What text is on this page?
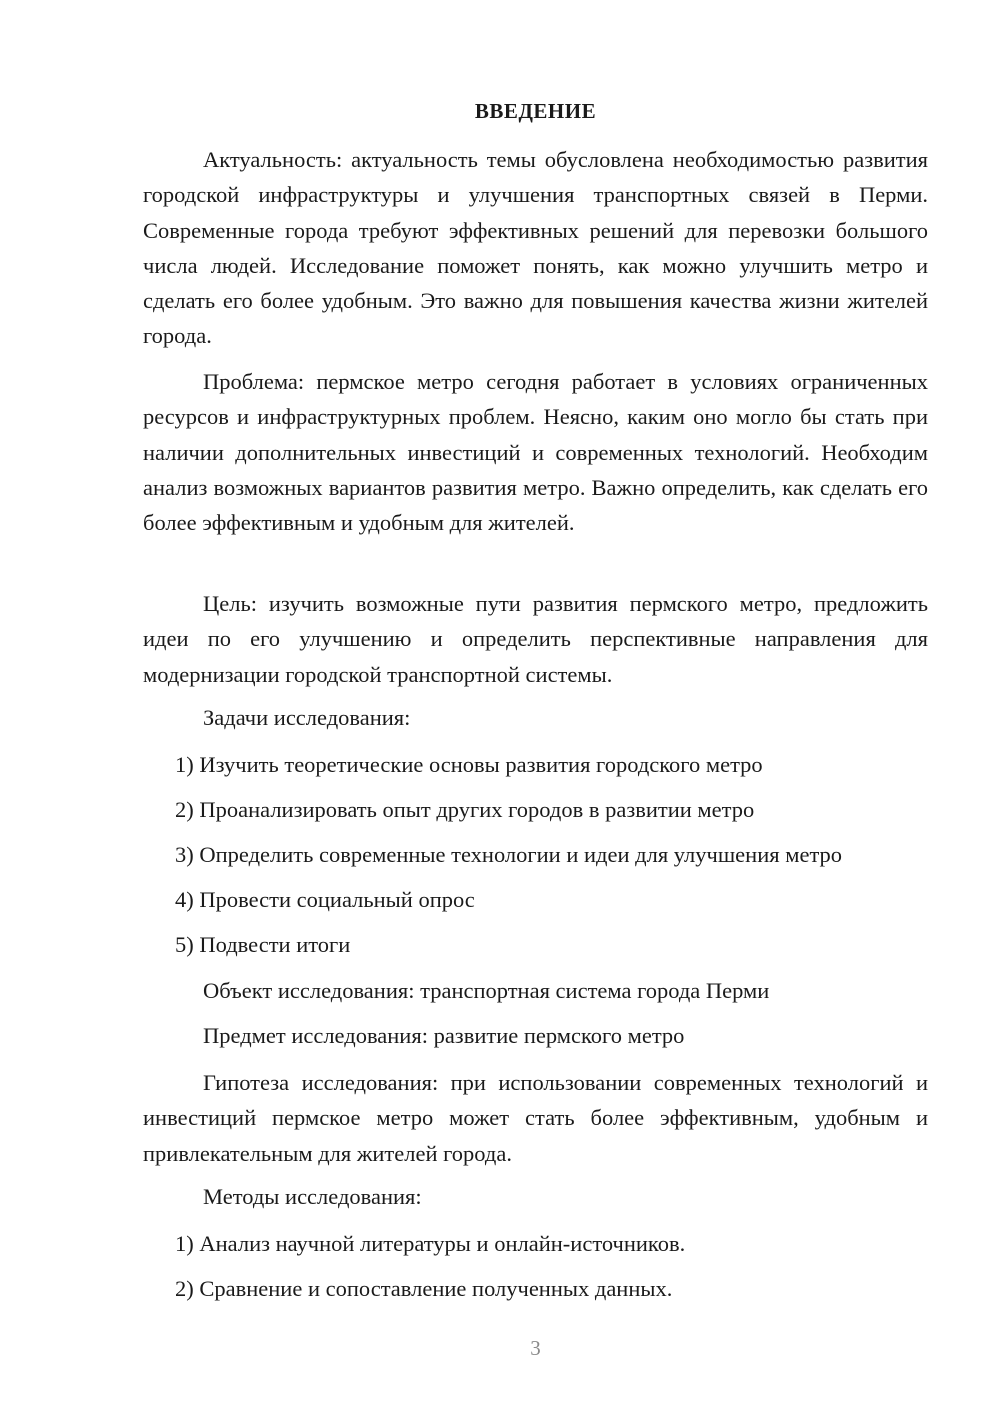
ВВЕДЕНИЕ

Актуальность: актуальность темы обусловлена необходимостью развития городской инфраструктуры и улучшения транспортных связей в Перми. Современные города требуют эффективных решений для перевозки большого числа людей. Исследование поможет понять, как можно улучшить метро и сделать его более удобным. Это важно для повышения качества жизни жителей города.

Проблема: пермское метро сегодня работает в условиях ограниченных ресурсов и инфраструктурных проблем. Неясно, каким оно могло бы стать при наличии дополнительных инвестиций и современных технологий. Необходим анализ возможных вариантов развития метро. Важно определить, как сделать его более эффективным и удобным для жителей.

Цель: изучить возможные пути развития пермского метро, предложить идеи по его улучшению и определить перспективные направления для модернизации городской транспортной системы.

Задачи исследования:

1) Изучить теоретические основы развития городского метро

2) Проанализировать опыт других городов в развитии метро

3) Определить современные технологии и идеи для улучшения метро

4) Провести социальный опрос

5) Подвести итоги

Объект исследования: транспортная система города Перми

Предмет исследования: развитие пермского метро

Гипотеза исследования: при использовании современных технологий и инвестиций пермское метро может стать более эффективным, удобным и привлекательным для жителей города.

Методы исследования:

1) Анализ научной литературы и онлайн-источников.

2) Сравнение и сопоставление полученных данных.

3
